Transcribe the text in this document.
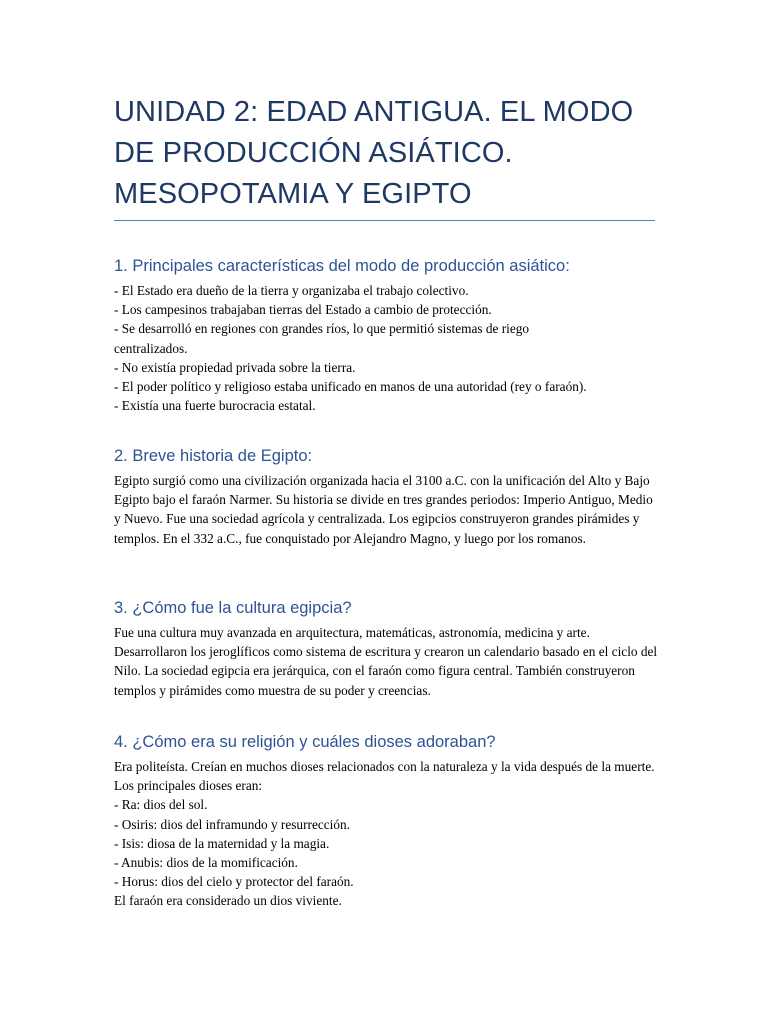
UNIDAD 2: EDAD ANTIGUA. EL MODO
DE PRODUCCIÓN ASIÁTICO.
MESOPOTAMIA Y EGIPTO
1. Principales características del modo de producción asiático:

- El Estado era dueño de la tierra y organizaba el trabajo colectivo.

- Los campesinos trabajaban tierras del Estado a cambio de protección.

- Se desarrolló en regiones con grandes ríos, lo que permitió sistemas de riego

centralizados.

- No existía propiedad privada sobre la tierra.

- El poder político y religioso estaba unificado en manos de una autoridad (rey o faraón).

- Existía una fuerte burocracia estatal.

2. Breve historia de Egipto:

Egipto surgió como una civilización organizada hacia el 3100 a.C. con la unificación del Alto y Bajo Egipto bajo el faraón Narmer. Su historia se divide en tres grandes periodos: Imperio Antiguo, Medio y Nuevo. Fue una sociedad agrícola y centralizada. Los egipcios construyeron grandes pirámides y templos. En el 332 a.C., fue conquistado por Alejandro Magno, y luego por los romanos.

3. ¿Cómo fue la cultura egipcia?

Fue una cultura muy avanzada en arquitectura, matemáticas, astronomía, medicina y arte. Desarrollaron los jeroglíficos como sistema de escritura y crearon un calendario basado en el ciclo del Nilo. La sociedad egipcia era jerárquica, con el faraón como figura central. También construyeron templos y pirámides como muestra de su poder y creencias.

4. ¿Cómo era su religión y cuáles dioses adoraban?

Era politeísta. Creían en muchos dioses relacionados con la naturaleza y la vida después de la muerte. Los principales dioses eran:

- Ra: dios del sol.

- Osiris: dios del inframundo y resurrección.

- Isis: diosa de la maternidad y la magia.

- Anubis: dios de la momificación.

- Horus: dios del cielo y protector del faraón.

El faraón era considerado un dios viviente.
